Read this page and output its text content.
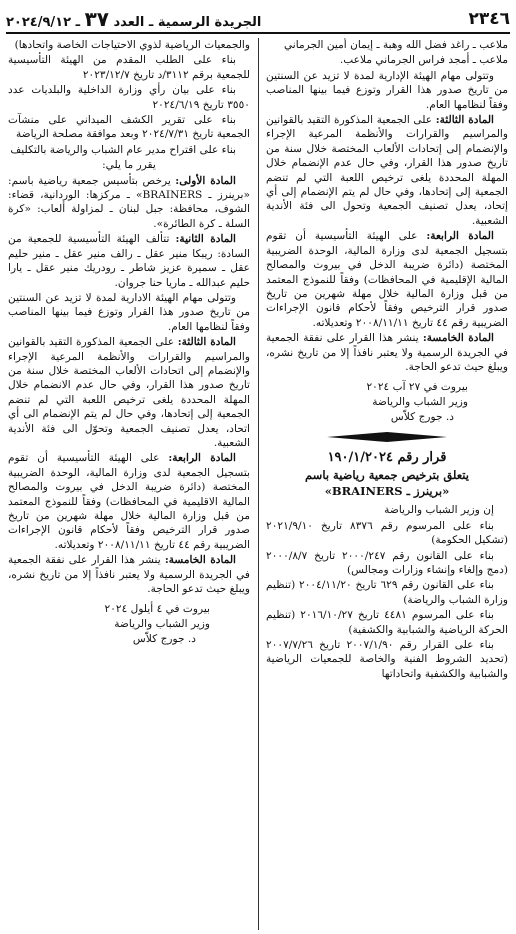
٢٣٤٦
الجريدة الرسمية ـ العدد ٣٧ ـ ٢٠٢٤/٩/١٢

ملاعب ـ راغد فضل الله وهبة ـ إيمان أمين الجرماني

ملاعب ـ أمجد فراس الجرماني ملاعب.

وتتولى مهام الهيئة الإدارية لمدة لا تزيد عن السنتين من تاريخ صدور هذا القرار وتوزع فيما بينها المناصب وفقاً لنظامها العام.

المادة الثالثة: على الجمعية المذكورة التقيد بالقوانين والمراسيم والقرارات والأنظمة المرعية الإجراء والإنضمام إلى إتحادات الألعاب المختصة خلال سنة من تاريخ صدور هذا القرار، وفي حال عدم الإنضمام خلال المهلة المحددة يلغى ترخيص اللعبة التي لم تنضم الجمعية إلى إتحادها، وفي حال لم يتم الإنضمام إلى أي إتحاد، يعدل تصنيف الجمعية وتحول الى فئة الأندية الشعبية.

المادة الرابعة: على الهيئة التأسيسية أن تقوم بتسجيل الجمعية لدى وزارة المالية، الوحدة الضريبية المختصة (دائرة ضريبة الدخل في بيروت والمصالح المالية الإقليمية في المحافظات) وفقاً للنموذج المعتمد من قبل وزارة المالية خلال مهلة شهرين من تاريخ صدور قرار الترخيص وفقاً لأحكام قانون الإجراءات الضريبية رقم ٤٤ تاريخ ٢٠٠٨/١١/١١ وتعديلاته.

المادة الخامسة: ينشر هذا القرار على نفقة الجمعية في الجريدة الرسمية ولا يعتبر نافذاً إلا من تاريخ نشره، ويبلغ حيث تدعو الحاجة.

بيروت في ٢٧ آب ٢٠٢٤
وزير الشباب والرياضة
د. جورج كلاّس
قرار رقم ١٩٠/١/٢٠٢٤
يتعلق بترخيص جمعية رياضية باسم
«برينرز ـ BRAINERS»

إن وزير الشباب والرياضة

بناء على المرسوم رقم ٨٣٧٦ تاريخ ٢٠٢١/٩/١٠ (تشكيل الحكومة)

بناء على القانون رقم ٢٠٠٠/٢٤٧ تاريخ ٢٠٠٠/٨/٧ (دمج وإلغاء وإنشاء وزارات ومجالس)

بناء على القانون رقم ٦٢٩ تاريخ ٢٠٠٤/١١/٢٠ (تنظيم وزارة الشباب والرياضة)

بناء على المرسوم ٤٤٨١ تاريخ ٢٠١٦/١٠/٢٧ (تنظيم الحركة الرياضية والشبابية والكشفية)

بناء على القرار رقم ٢٠٠٧/١/٩٠ تاريخ ٢٠٠٧/٧/٢٦ (تحديد الشروط الفنية والخاصة للجمعيات الرياضية والشبابية والكشفية واتحاداتها

والجمعيات الرياضية لذوي الاحتياجات الخاصة واتحادها)

بناء على الطلب المقدم من الهيئة التأسيسية للجمعية برقم ٣١١٢/د تاريخ ٢٠٢٣/١٢/٧

بناء على بيان رأي وزارة الداخلية والبلديات عدد ٣٥٥٠ تاريخ ٢٠٢٤/٦/١٩

بناء على تقرير الكشف الميداني على منشآت الجمعية تاريخ ٢٠٢٤/٧/٣١ وبعد موافقة مصلحة الرياضة

بناء على اقتراح مدير عام الشباب والرياضة بالتكليف

يقرر ما يلي:

المادة الأولى: يرخص بتأسيس جمعية رياضية باسم: «برينرز ـ BRAINERS» ـ مركزها: الوردانية، قضاء: الشوف، محافظة: جبل لبنان ـ لمزاولة ألعاب: «كرة السلة ـ كرة الطائرة».

المادة الثانية: تتألف الهيئة التأسيسية للجمعية من السادة: ريبكا منير عقل ـ رالف منير عقل ـ منير حليم عقل ـ سميرة عزيز شاطر ـ رودريك منير عقل ـ يارا حليم عبدالله ـ ماريا حنا جروان.

وتتولى مهام الهيئة الادارية لمدة لا تزيد عن السنتين من تاريخ صدور هذا القرار وتوزع فيما بينها المناصب وفقاً لنظامها العام.

المادة الثالثة: على الجمعية المذكورة التقيد بالقوانين والمراسيم والقرارات والأنظمة المرعية الإجراء والإنضمام إلى اتحادات الألعاب المختصة خلال سنة من تاريخ صدور هذا القرار، وفي حال عدم الانضمام خلال المهلة المحددة يلغى ترخيص اللعبة التي لم تنضم الجمعية إلى إتحادها، وفي حال لم يتم الإنضمام الى أي اتحاد، يعدل تصنيف الجمعية وتحوّل الى فئة الأندية الشعبية.

المادة الرابعة: على الهيئة التأسيسية أن تقوم بتسجيل الجمعية لدى وزارة المالية، الوحدة الضريبية المختصة (دائرة ضريبة الدخل في بيروت والمصالح المالية الاقليمية في المحافظات) وفقاً للنموذج المعتمد من قبل وزارة المالية خلال مهلة شهرين من تاريخ صدور قرار الترخيص وفقاً لأحكام قانون الإجراءات الضريبية رقم ٤٤ تاريخ ٢٠٠٨/١١/١١ وتعديلاته.

المادة الخامسة: ينشر هذا القرار على نفقة الجمعية في الجريدة الرسمية ولا يعتبر نافذاً إلا من تاريخ نشره، ويبلغ حيث تدعو الحاجة.

بيروت في ٤ أيلول ٢٠٢٤
وزير الشباب والرياضة
د. جورج كلاّس
